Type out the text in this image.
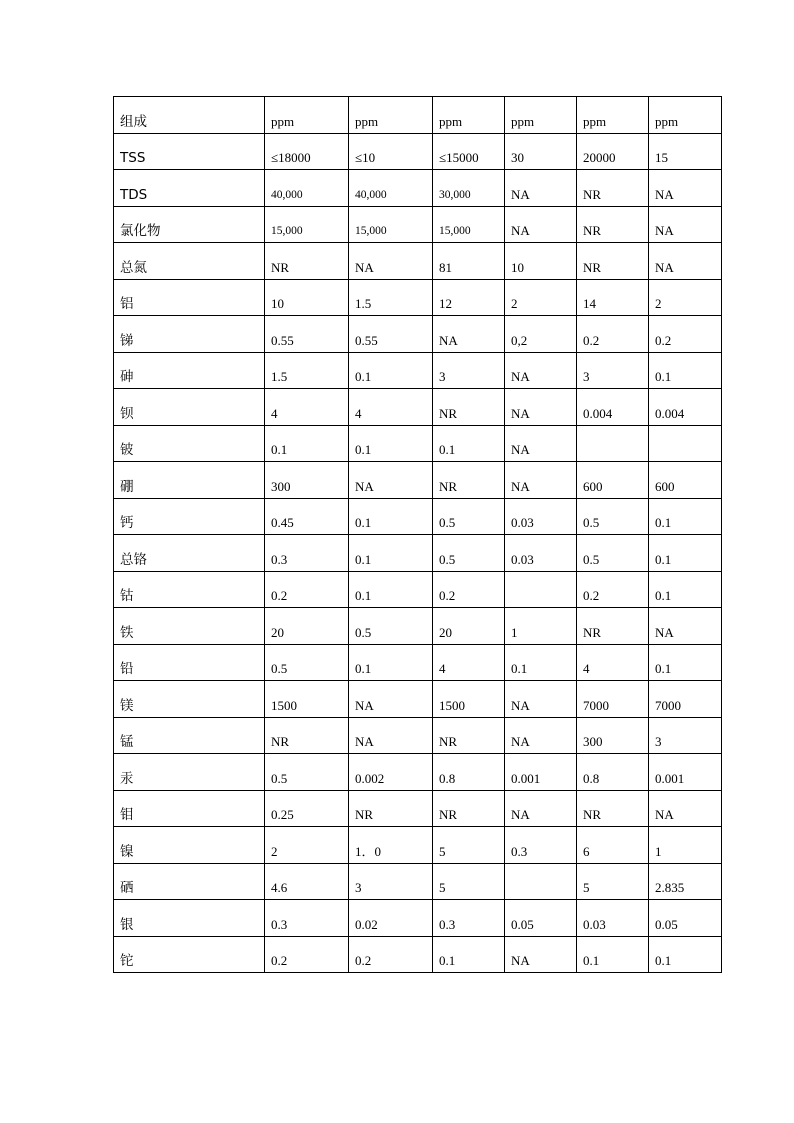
组成	ppm	ppm	ppm	ppm	ppm	ppm
TSS	≤18000	≤10	≤15000	30	20000	15
TDS	40,000	40,000	30,000	NA	NR	NA
氯化物	15,000	15,000	15,000	NA	NR	NA
总氮	NR	NA	81	10	NR	NA
铝	10	1.5	12	2	14	2
锑	0.55	0.55	NA	0,2	0.2	0.2
砷	1.5	0.1	3	NA	3	0.1
钡	4	4	NR	NA	0.004	0.004
铍	0.1	0.1	0.1	NA		
硼	300	NA	NR	NA	600	600
钙	0.45	0.1	0.5	0.03	0.5	0.1
总铬	0.3	0.1	0.5	0.03	0.5	0.1
钴	0.2	0.1	0.2		0.2	0.1
铁	20	0.5	20	1	NR	NA
铅	0.5	0.1	4	0.1	4	0.1
镁	1500	NA	1500	NA	7000	7000
锰	NR	NA	NR	NA	300	3
汞	0.5	0.002	0.8	0.001	0.8	0.001
钼	0.25	NR	NR	NA	NR	NA
镍	2	1．0	5	0.3	6	1
硒	4.6	3	5		5	2.835
银	0.3	0.02	0.3	0.05	0.03	0.05
铊	0.2	0.2	0.1	NA	0.1	0.1
